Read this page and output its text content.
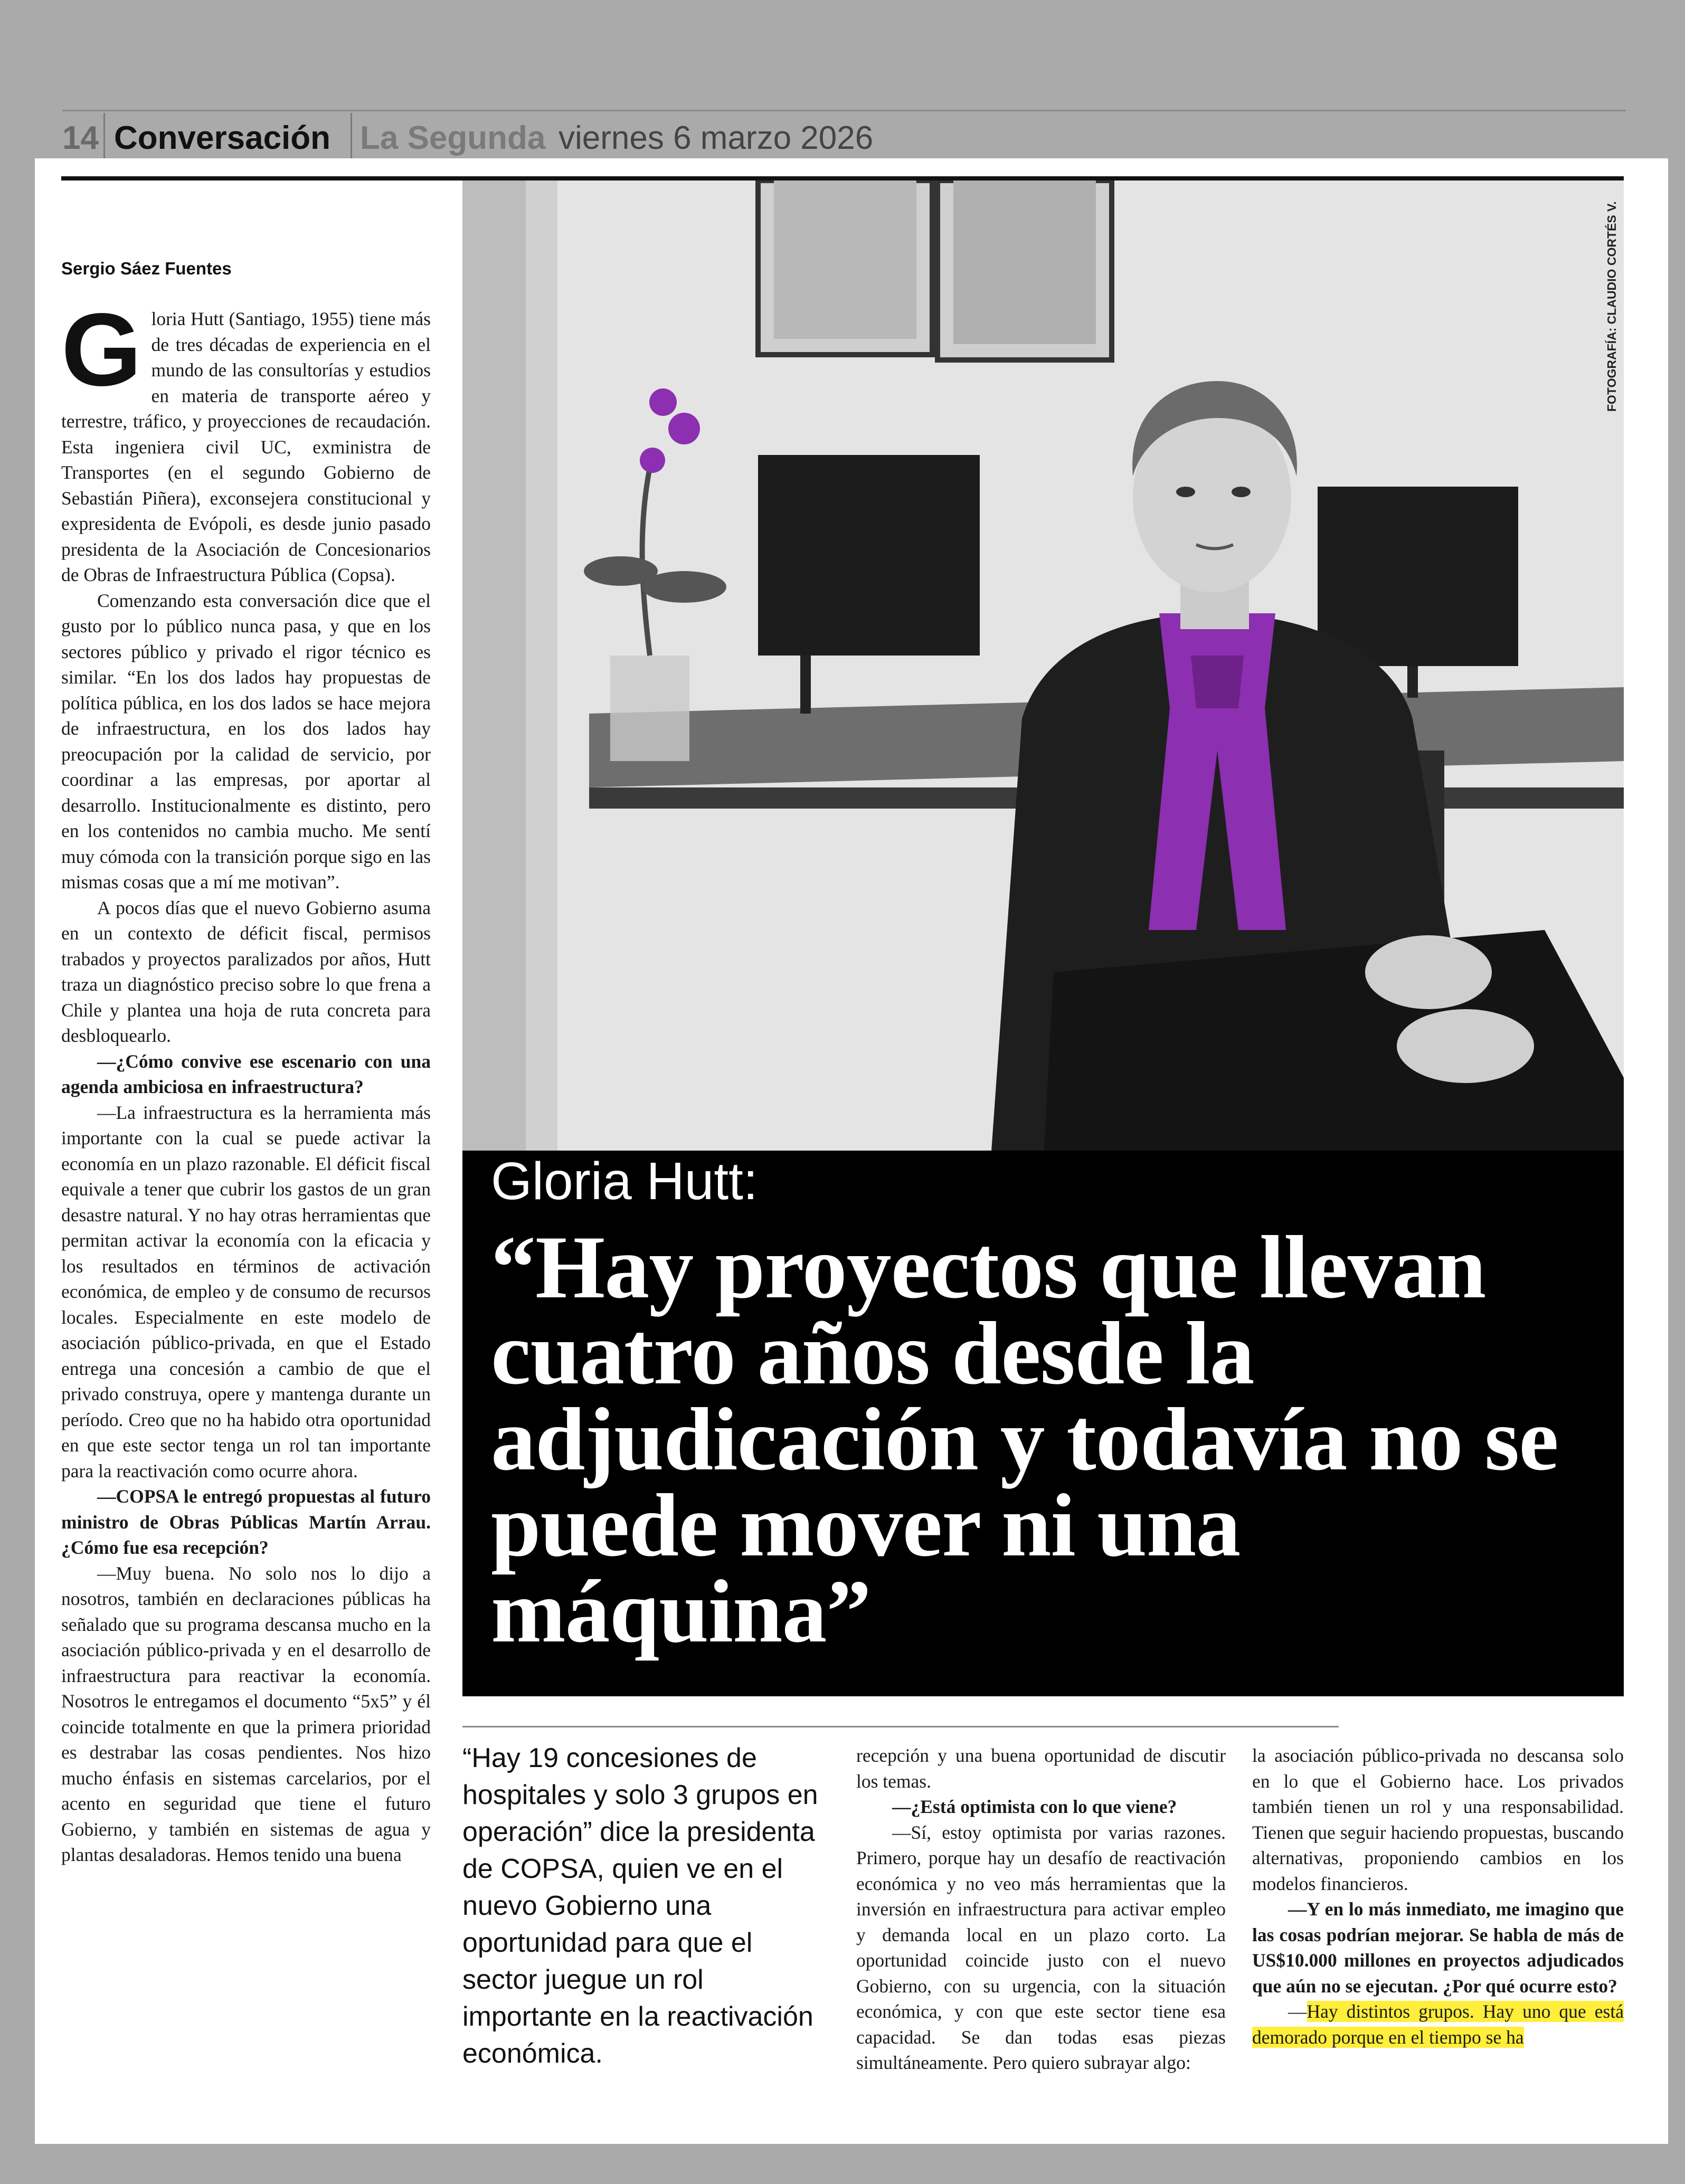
14 Conversación La Segunda viernes 6 marzo 2026
FOTOGRAFÍA: CLAUDIO CORTÉS V.
Gloria Hutt:
“Hay proyectos que llevan cuatro años desde la adjudicación y todavía no se puede mover ni una máquina”
Sergio Sáez Fuentes

Gloria Hutt (Santiago, 1955) tiene más de tres décadas de experiencia en el mundo de las consultorías y estudios en materia de transporte aéreo y terrestre, tráfico, y proyecciones de recaudación. Esta ingeniera civil UC, exministra de Transportes (en el segundo Gobierno de Sebastián Piñera), exconsejera constitucional y expresidenta de Evópoli, es desde junio pasado presidenta de la Asociación de Concesionarios de Obras de Infraestructura Pública (Copsa).

Comenzando esta conversación dice que el gusto por lo público nunca pasa, y que en los sectores público y privado el rigor técnico es similar. “En los dos lados hay propuestas de política pública, en los dos lados se hace mejora de infraestructura, en los dos lados hay preocupación por la calidad de servicio, por coordinar a las empresas, por aportar al desarrollo. Institucionalmente es distinto, pero en los contenidos no cambia mucho. Me sentí muy cómoda con la transición porque sigo en las mismas cosas que a mí me motivan”.

A pocos días que el nuevo Gobierno asuma en un contexto de déficit fiscal, permisos trabados y proyectos paralizados por años, Hutt traza un diagnóstico preciso sobre lo que frena a Chile y plantea una hoja de ruta concreta para desbloquearlo.

—¿Cómo convive ese escenario con una agenda ambiciosa en infraestructura?

—La infraestructura es la herramienta más importante con la cual se puede activar la economía en un plazo razonable. El déficit fiscal equivale a tener que cubrir los gastos de un gran desastre natural. Y no hay otras herramientas que permitan activar la economía con la eficacia y los resultados en términos de activación económica, de empleo y de consumo de recursos locales. Especialmente en este modelo de asociación público-privada, en que el Estado entrega una concesión a cambio de que el privado construya, opere y mantenga durante un período. Creo que no ha habido otra oportunidad en que este sector tenga un rol tan importante para la reactivación como ocurre ahora.

—COPSA le entregó propuestas al futuro ministro de Obras Públicas Martín Arrau. ¿Cómo fue esa recepción?

—Muy buena. No solo nos lo dijo a nosotros, también en declaraciones públicas ha señalado que su programa descansa mucho en la asociación público-privada y en el desarrollo de infraestructura para reactivar la economía. Nosotros le entregamos el documento “5x5” y él coincide totalmente en que la primera prioridad es destrabar las cosas pendientes. Nos hizo mucho énfasis en sistemas carcelarios, por el acento en seguridad que tiene el futuro Gobierno, y también en sistemas de agua y plantas desaladoras. Hemos tenido una buena

“Hay 19 concesiones de hospitales y solo 3 grupos en operación” dice la presidenta de COPSA, quien ve en el nuevo Gobierno una oportunidad para que el sector juegue un rol importante en la reactivación económica.

recepción y una buena oportunidad de discutir los temas.

—¿Está optimista con lo que viene?

—Sí, estoy optimista por varias razones. Primero, porque hay un desafío de reactivación económica y no veo más herramientas que la inversión en infraestructura para activar empleo y demanda local en un plazo corto. La oportunidad coincide justo con el nuevo Gobierno, con su urgencia, con la situación económica, y con que este sector tiene esa capacidad. Se dan todas esas piezas simultáneamente. Pero quiero subrayar algo:

la asociación público-privada no descansa solo en lo que el Gobierno hace. Los privados también tienen un rol y una responsabilidad. Tienen que seguir haciendo propuestas, buscando alternativas, proponiendo cambios en los modelos financieros.

—Y en lo más inmediato, me imagino que las cosas podrían mejorar. Se habla de más de US$10.000 millones en proyectos adjudicados que aún no se ejecutan. ¿Por qué ocurre esto?

—Hay distintos grupos. Hay uno que está demorado porque en el tiempo se ha
